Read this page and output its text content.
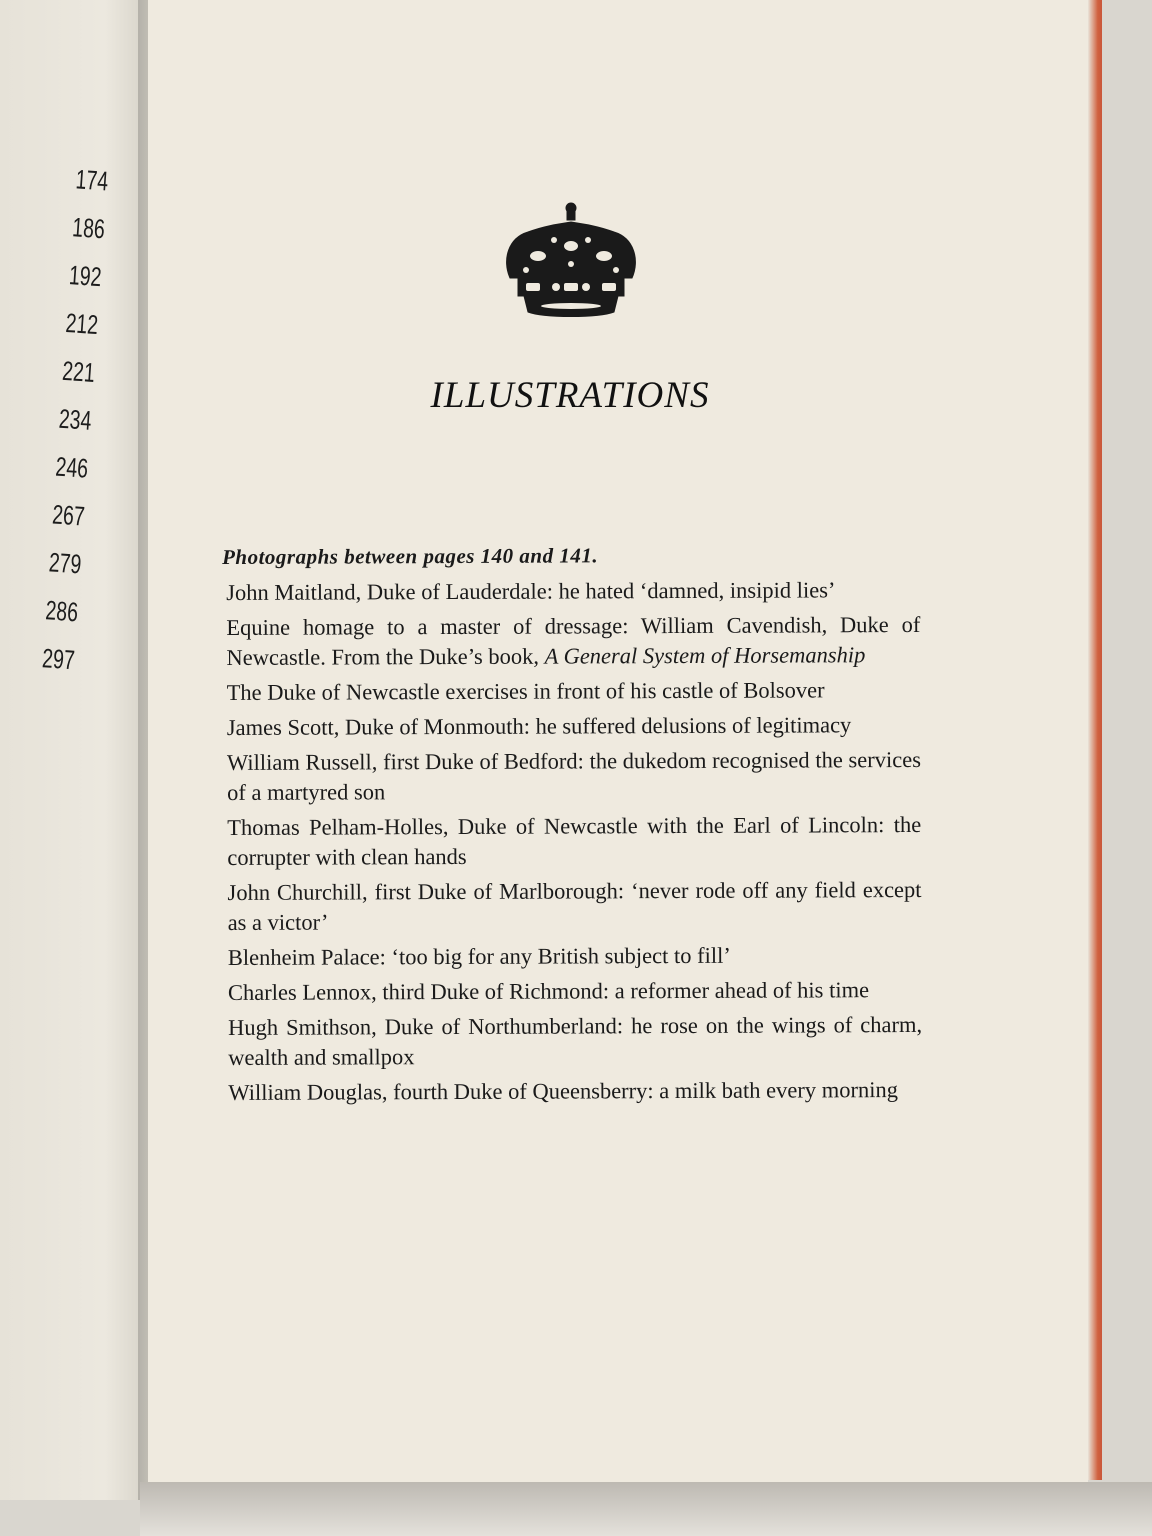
174
186
192
212
221
234
246
267
279
286
297
ILLUSTRATIONS
Photographs between pages 140 and 141.
John Maitland, Duke of Lauderdale: he hated ‘damned, insipid lies’
Equine homage to a master of dressage: William Cavendish, Duke of Newcastle. From the Duke’s book, A General System of Horsemanship
The Duke of Newcastle exercises in front of his castle of Bolsover
James Scott, Duke of Monmouth: he suffered delusions of legitimacy
William Russell, first Duke of Bedford: the dukedom recognised the services of a martyred son
Thomas Pelham-Holles, Duke of Newcastle with the Earl of Lincoln: the corrupter with clean hands
John Churchill, first Duke of Marlborough: ‘never rode off any field except as a victor’
Blenheim Palace: ‘too big for any British subject to fill’
Charles Lennox, third Duke of Richmond: a reformer ahead of his time
Hugh Smithson, Duke of Northumberland: he rose on the wings of charm, wealth and smallpox
William Douglas, fourth Duke of Queensberry: a milk bath every morning
